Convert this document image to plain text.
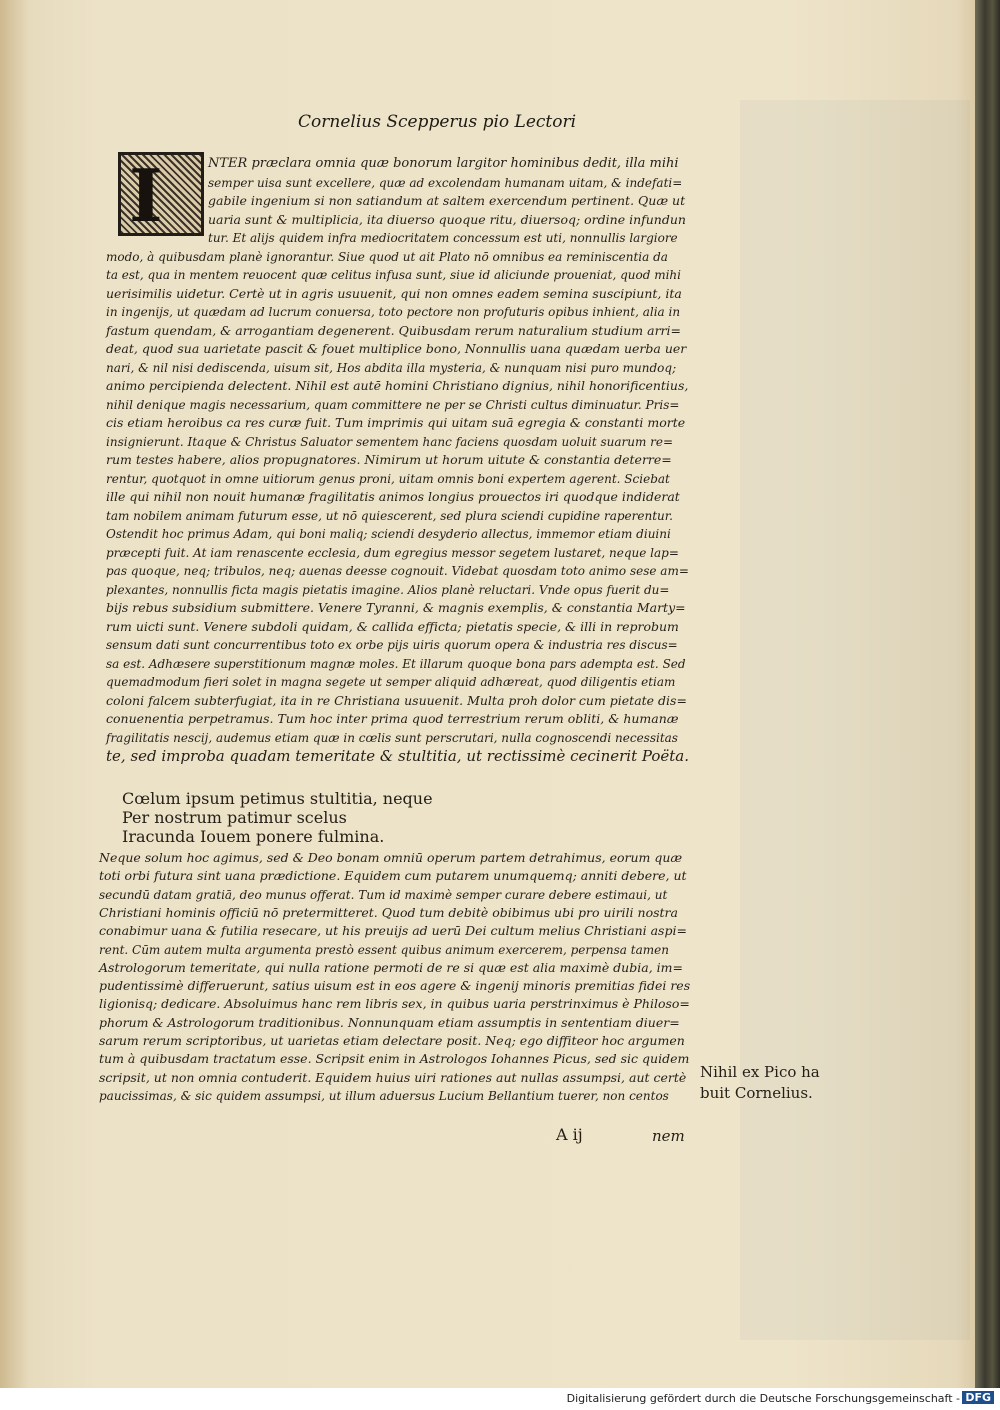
Cornelius Scepperus pio Lectori
I	NTER præclara omnia quæ bonorum largitor hominibus dedit, illa mihi
semper uisa sunt excellere, quæ ad excolendam humanam uitam, & indefati=
gabile ingenium si non satiandum at saltem exercendum pertinent. Quæ ut
uaria sunt & multiplicia, ita diuerso quoque ritu, diuersoq; ordine infundun
tur. Et alijs quidem infra mediocritatem concessum est uti, nonnullis largiore
modo, à quibusdam planè ignorantur. Siue quod ut ait Plato nō omnibus ea reminiscentia da
ta est, qua in mentem reuocent quæ celitus infusa sunt, siue id aliciunde proueniat, quod mihi
uerisimilis uidetur. Certè ut in agris usuuenit, qui non omnes eadem semina suscipiunt, ita
in ingenijs, ut quædam ad lucrum conuersa, toto pectore non profuturis opibus inhient, alia in
fastum quendam, & arrogantiam degenerent. Quibusdam rerum naturalium studium arri=
deat, quod sua uarietate pascit & fouet multiplice bono, Nonnullis uana quædam uerba uer
nari, & nil nisi dediscenda, uisum sit, Hos abdita illa mysteria, & nunquam nisi puro mundoq;
animo percipienda delectent. Nihil est autē homini Christiano dignius, nihil honorificentius,
nihil denique magis necessarium, quam committere ne per se Christi cultus diminuatur. Pris=
cis etiam heroibus ca res curæ fuit. Tum imprimis qui uitam suā egregia & constanti morte
insignierunt. Itaque & Christus Saluator sementem hanc faciens quosdam uoluit suarum re=
rum testes habere, alios propugnatores. Nimirum ut horum uitute & constantia deterre=
rentur, quotquot in omne uitiorum genus proni, uitam omnis boni expertem agerent. Sciebat
ille qui nihil non nouit humanæ fragilitatis animos longius prouectos iri quodque indiderat
tam nobilem animam futurum esse, ut nō quiescerent, sed plura sciendi cupidine raperentur.
Ostendit hoc primus Adam, qui boni maliq; sciendi desyderio allectus, immemor etiam diuini
præcepti fuit. At iam renascente ecclesia, dum egregius messor segetem lustaret, neque lap=
pas quoque, neq; tribulos, neq; auenas deesse cognouit. Videbat quosdam toto animo sese am=
plexantes, nonnullis ficta magis pietatis imagine. Alios planè reluctari. Vnde opus fuerit du=
bijs rebus subsidium submittere. Venere Tyranni, & magnis exemplis, & constantia Marty=
rum uicti sunt. Venere subdoli quidam, & callida efficta; pietatis specie, & illi in reprobum
sensum dati sunt concurrentibus toto ex orbe pijs uiris quorum opera & industria res discus=
sa est. Adhæsere superstitionum magnæ moles. Et illarum quoque bona pars adempta est. Sed
quemadmodum fieri solet in magna segete ut semper aliquid adhæreat, quod diligentis etiam
coloni falcem subterfugiat, ita in re Christiana usuuenit. Multa proh dolor cum pietate dis=
conuenentia perpetramus. Tum hoc inter prima quod terrestrium rerum obliti, & humanæ
fragilitatis nescij, audemus etiam quæ in cœlis sunt perscrutari, nulla cognoscendi necessitas
te, sed improba quadam temeritate & stultitia, ut rectissimè cecinerit Poëta.
Cœlum ipsum petimus stultitia, neque
Per nostrum patimur scelus
Iracunda Iouem ponere fulmina.
Neque solum hoc agimus, sed & Deo bonam omniū operum partem detrahimus, eorum quæ
toti orbi futura sint uana prædictione. Equidem cum putarem unumquemq; anniti debere, ut
secundū datam gratiā, deo munus offerat. Tum id maximè semper curare debere estimaui, ut
Christiani hominis officiū nō pretermitteret. Quod tum debitè obibimus ubi pro uirili nostra
conabimur uana & futilia resecare, ut his preuijs ad uerū Dei cultum melius Christiani aspi=
rent. Cūm autem multa argumenta prestò essent quibus animum exercerem, perpensa tamen
Astrologorum temeritate, qui nulla ratione permoti de re si quæ est alia maximè dubia, im=
pudentissimè differuerunt, satius uisum est in eos agere & ingenij minoris premitias fidei res
ligionisq; dedicare. Absoluimus hanc rem libris sex, in quibus uaria perstrinximus è Philoso=
phorum & Astrologorum traditionibus. Nonnunquam etiam assumptis in sententiam diuer=
sarum rerum scriptoribus, ut uarietas etiam delectare posit. Neq; ego diffiteor hoc argumen
tum à quibusdam tractatum esse. Scripsit enim in Astrologos Iohannes Picus, sed sic quidem
scripsit, ut non omnia contuderit. Equidem huius uiri rationes aut nullas assumpsi, aut certè
paucissimas, & sic quidem assumpsi, ut illum aduersus Lucium Bellantium tuerer, non centos
A ij	nem
Nihil ex Pico ha
buit Cornelius.
Digitalisierung gefördert durch die Deutsche Forschungsgemeinschaft - DFG
